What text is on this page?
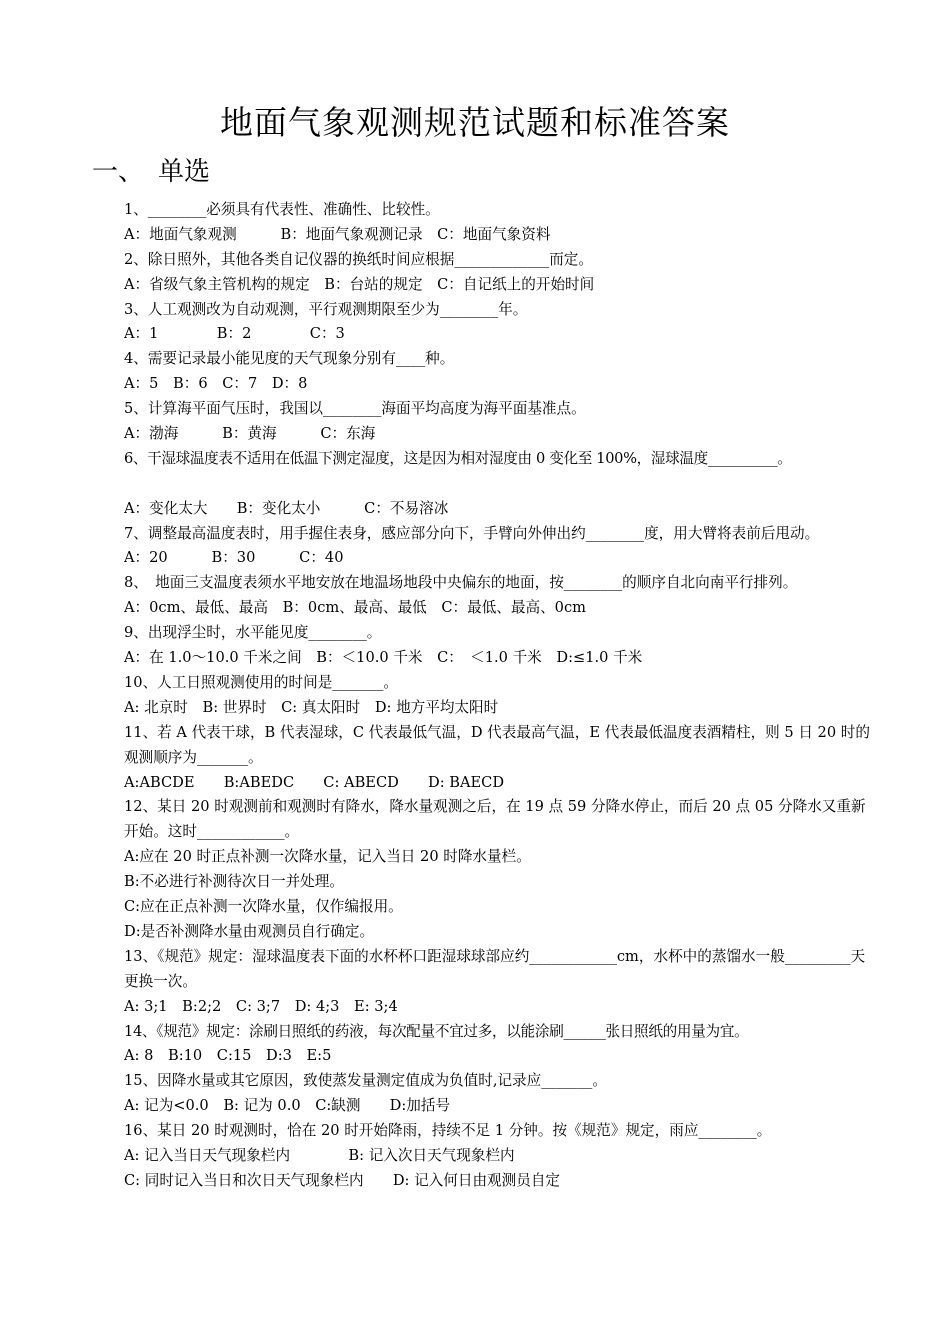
地面气象观测规范试题和标准答案
一、 单选
1、________必须具有代表性、准确性、比较性。
A：地面气象观测　　　B：地面气象观测记录　C：地面气象资料
2、除日照外，其他各类自记仪器的换纸时间应根据_____________而定。
A：省级气象主管机构的规定　B：台站的规定　C：自记纸上的开始时间
3、人工观测改为自动观测，平行观测期限至少为________年。
A：1　　　　B：2　　　　C：3
4、需要记录最小能见度的天气现象分别有____种。
A：5　B：6　C：7　D：8
5、计算海平面气压时，我国以________海面平均高度为海平面基准点。
A：渤海　　　B：黄海　　　C：东海
6、干湿球温度表不适用在低温下测定湿度，这是因为相对湿度由 0 变化至 100%，湿球温度__________。
A：变化太大　　B：变化太小　　　C：不易溶冰
7、调整最高温度表时，用手握住表身，感应部分向下，手臂向外伸出约________度，用大臂将表前后甩动。
A：20　　　B：30　　　C：40
8、　地面三支温度表须水平地安放在地温场地段中央偏东的地面，按________的顺序自北向南平行排列。
A：0cm、最低、最高　B：0cm、最高、最低　C：最低、最高、0cm
9、出现浮尘时，水平能见度________。
A：在 1.0～10.0 千米之间　B：＜10.0 千米　C：　＜1.0 千米　D:≤1.0 千米
10、人工日照观测使用的时间是_______。
A: 北京时　B: 世界时　C: 真太阳时　D: 地方平均太阳时
11、若 A 代表干球，B 代表湿球，C 代表最低气温，D 代表最高气温，E 代表最低温度表酒精柱，则 5 日 20 时的观测顺序为_______。
A:ABCDE　　B:ABEDC　　C: ABECD　　D: BAECD
12、某日 20 时观测前和观测时有降水，降水量观测之后，在 19 点 59 分降水停止，而后 20 点 05 分降水又重新开始。这时____________。
A:应在 20 时正点补测一次降水量，记入当日 20 时降水量栏。
B:不必进行补测待次日一并处理。
C:应在正点补测一次降水量，仅作编报用。
D:是否补测降水量由观测员自行确定。
13、《规范》规定：湿球温度表下面的水杯杯口距湿球球部应约____________cm，水杯中的蒸馏水一般_________天更换一次。
A: 3;1　B:2;2　C: 3;7　D: 4;3　E: 3;4
14、《规范》规定：涂刷日照纸的药液，每次配量不宜过多，以能涂刷______张日照纸的用量为宜。
A: 8　B:10　C:15　D:3　E:5
15、因降水量或其它原因，致使蒸发量测定值成为负值时,记录应_______。
A: 记为<0.0　B: 记为 0.0　C:缺测　　D:加括号
16、某日 20 时观测时，恰在 20 时开始降雨，持续不足 1 分钟。按《规范》规定，雨应________。
A: 记入当日天气现象栏内　　　　B: 记入次日天气现象栏内
C: 同时记入当日和次日天气现象栏内　　D: 记入何日由观测员自定
